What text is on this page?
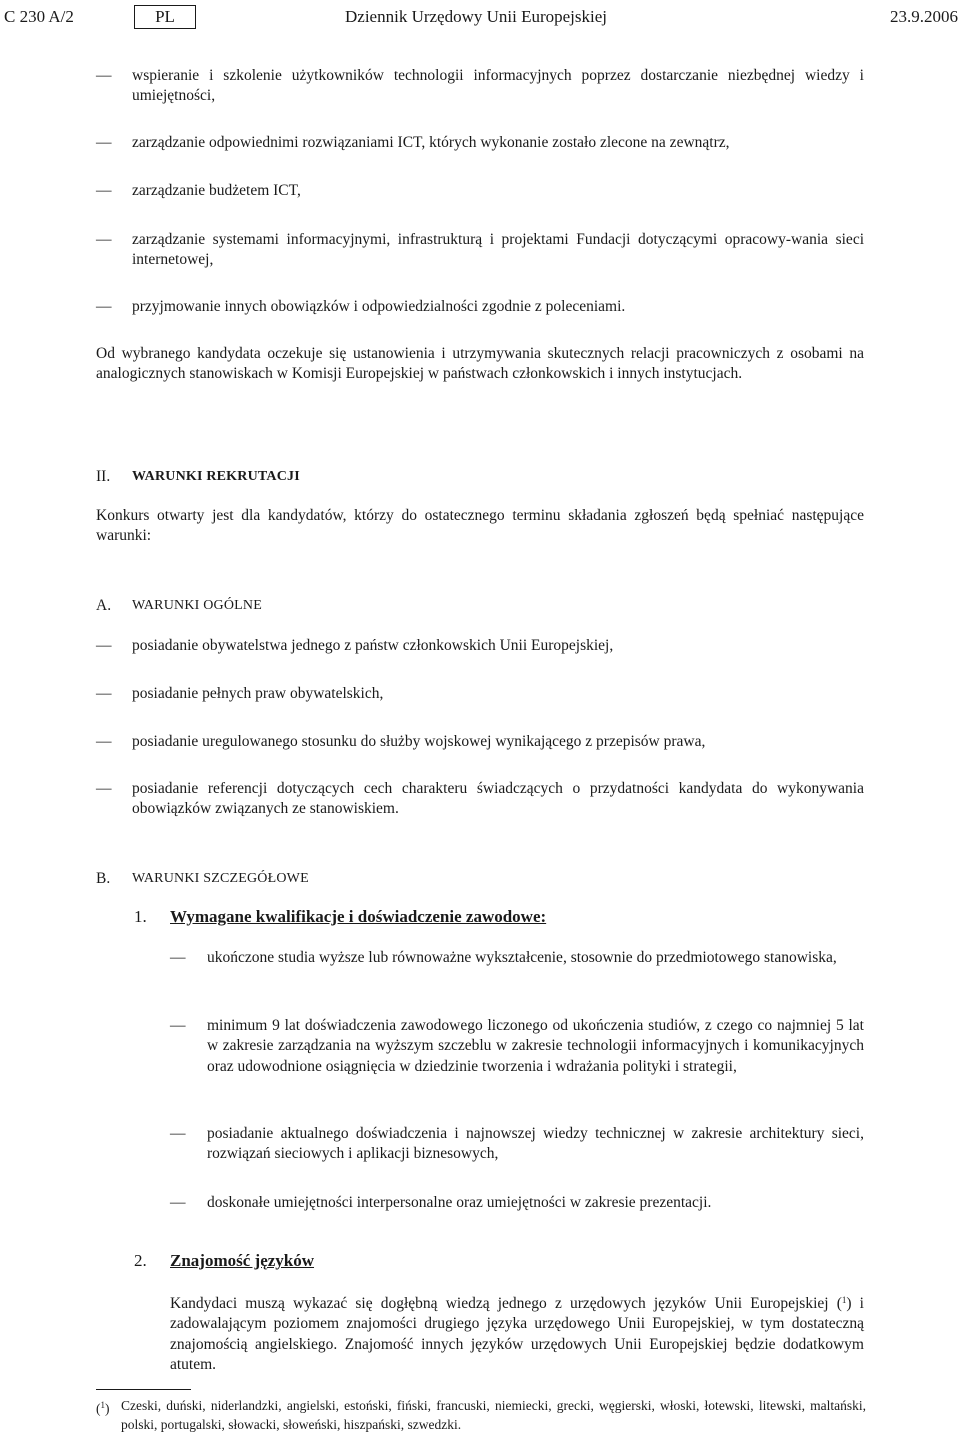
C 230 A/2	PL	Dziennik Urzędowy Unii Europejskiej	23.9.2006
— wspieranie i szkolenie użytkowników technologii informacyjnych poprzez dostarczanie niezbędnej wiedzy i umiejętności,
— zarządzanie odpowiednimi rozwiązaniami ICT, których wykonanie zostało zlecone na zewnątrz,
— zarządzanie budżetem ICT,
— zarządzanie systemami informacyjnymi, infrastrukturą i projektami Fundacji dotyczącymi opracowy-wania sieci internetowej,
— przyjmowanie innych obowiązków i odpowiedzialności zgodnie z poleceniami.
Od wybranego kandydata oczekuje się ustanowienia i utrzymywania skutecznych relacji pracowniczych z osobami na analogicznych stanowiskach w Komisji Europejskiej w państwach członkowskich i innych instytucjach.
II. WARUNKI REKRUTACJI
Konkurs otwarty jest dla kandydatów, którzy do ostatecznego terminu składania zgłoszeń będą spełniać następujące warunki:
A. WARUNKI OGÓLNE
— posiadanie obywatelstwa jednego z państw członkowskich Unii Europejskiej,
— posiadanie pełnych praw obywatelskich,
— posiadanie uregulowanego stosunku do służby wojskowej wynikającego z przepisów prawa,
— posiadanie referencji dotyczących cech charakteru świadczących o przydatności kandydata do wykonywania obowiązków związanych ze stanowiskiem.
B. WARUNKI SZCZEGÓŁOWE
1. Wymagane kwalifikacje i doświadczenie zawodowe:
— ukończone studia wyższe lub równoważne wykształcenie, stosownie do przedmiotowego stanowiska,
— minimum 9 lat doświadczenia zawodowego liczonego od ukończenia studiów, z czego co najmniej 5 lat w zakresie zarządzania na wyższym szczeblu w zakresie technologii informacyjnych i komunikacyjnych oraz udowodnione osiągnięcia w dziedzinie tworzenia i wdrażania polityki i strategii,
— posiadanie aktualnego doświadczenia i najnowszej wiedzy technicznej w zakresie architektury sieci, rozwiązań sieciowych i aplikacji biznesowych,
— doskonałe umiejętności interpersonalne oraz umiejętności w zakresie prezentacji.
2. Znajomość języków
Kandydaci muszą wykazać się dogłębną wiedzą jednego z urzędowych języków Unii Europejskiej ($^1$) i zadowalającym poziomem znajomości drugiego języka urzędowego Unii Europejskiej, w tym dostateczną znajomością angielskiego. Znajomość innych języków urzędowych Unii Europejskiej będzie dodatkowym atutem.
($^1$) Czeski, duński, niderlandzki, angielski, estoński, fiński, francuski, niemiecki, grecki, węgierski, włoski, łotewski, litewski, maltański, polski, portugalski, słowacki, słoweński, hiszpański, szwedzki.
